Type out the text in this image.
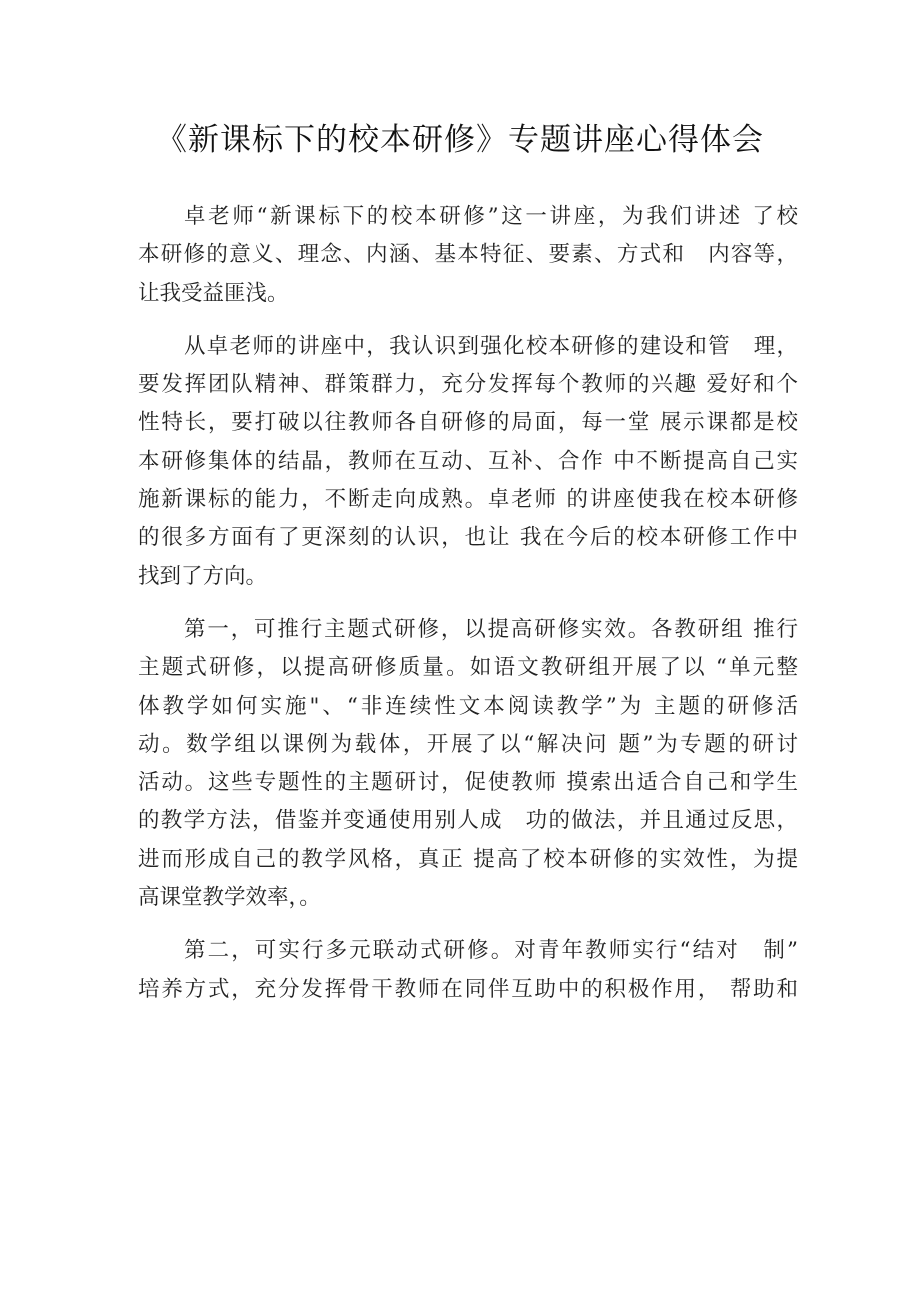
《新课标下的校本研修》专题讲座心得体会

卓老师“新课标下的校本研修”这一讲座，为我们讲述 了校
本研修的意义、理念、内涵、基本特征、要素、方式和　内容等，
让我受益匪浅。

从卓老师的讲座中，我认识到强化校本研修的建设和管　理，
要发挥团队精神、群策群力，充分发挥每个教师的兴趣 爱好和个
性特长，要打破以往教师各自研修的局面，每一堂 展示课都是校
本研修集体的结晶，教师在互动、互补、合作 中不断提高自己实
施新课标的能力，不断走向成熟。卓老师 的讲座使我在校本研修
的很多方面有了更深刻的认识，也让 我在今后的校本研修工作中
找到了方向。

第一，可推行主题式研修，以提高研修实效。各教研组 推行
主题式研修，以提高研修质量。如语文教研组开展了以 “单元整
体教学如何实施"、“非连续性文本阅读教学”为 主题的研修活
动。数学组以课例为载体，开展了以“解决问 题”为专题的研讨
活动。这些专题性的主题研讨，促使教师 摸索出适合自己和学生
的教学方法，借鉴并变通使用别人成　功的做法，并且通过反思，
进而形成自己的教学风格，真正 提高了校本研修的实效性，为提
高课堂教学效率，。

第二，可实行多元联动式研修。对青年教师实行“结对　制”
培养方式，充分发挥骨干教师在同伴互助中的积极作用， 帮助和
